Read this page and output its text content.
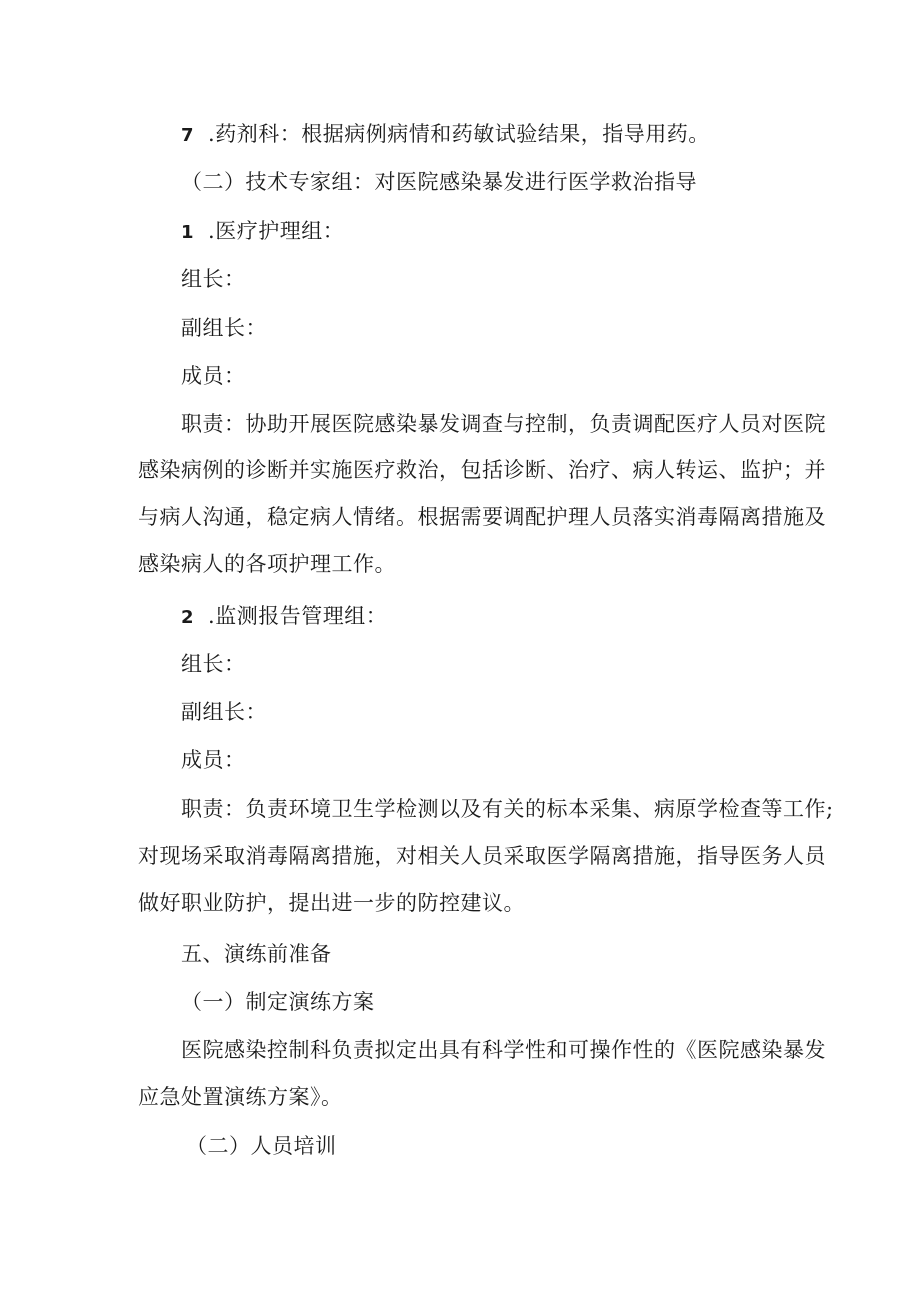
7 .药剂科：根据病例病情和药敏试验结果，指导用药。
（二）技术专家组：对医院感染暴发进行医学救治指导
1 .医疗护理组：
组长：
副组长：
成员：
职责：协助开展医院感染暴发调查与控制，负责调配医疗人员对医院
感染病例的诊断并实施医疗救治，包括诊断、治疗、病人转运、监护；并
与病人沟通，稳定病人情绪。根据需要调配护理人员落实消毒隔离措施及
感染病人的各项护理工作。
2 .监测报告管理组：
组长：
副组长：
成员：
职责：负责环境卫生学检测以及有关的标本采集、病原学检查等工作;
对现场采取消毒隔离措施，对相关人员采取医学隔离措施，指导医务人员
做好职业防护，提出进一步的防控建议。
五、演练前准备
（一）制定演练方案
医院感染控制科负责拟定出具有科学性和可操作性的《医院感染暴发
应急处置演练方案》。
（二）人员培训
